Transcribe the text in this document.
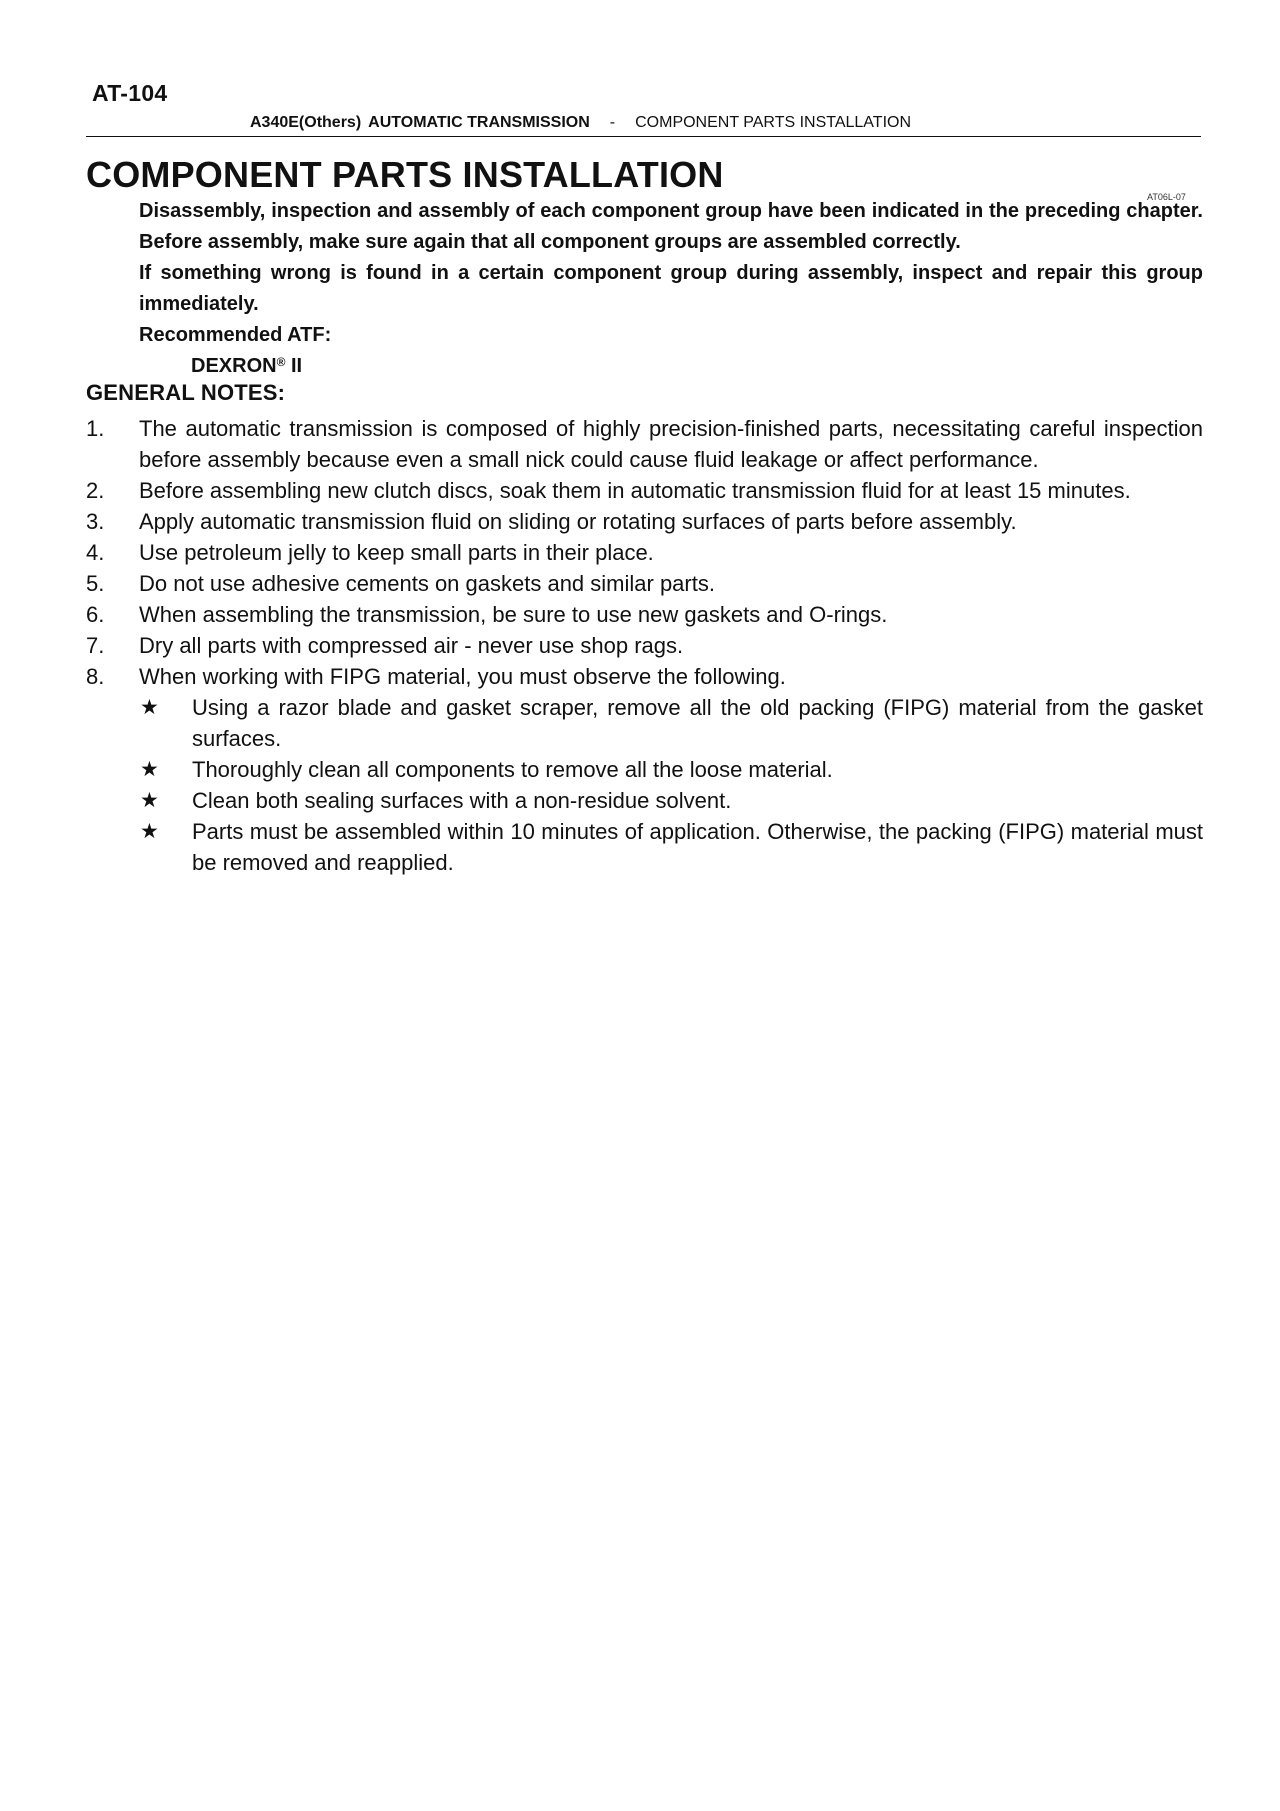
AT-104
A340E(Others) AUTOMATIC TRANSMISSION - COMPONENT PARTS INSTALLATION
COMPONENT PARTS INSTALLATION
AT06L-07

Disassembly, inspection and assembly of each component group have been indicated in the preceding chapter. Before assembly, make sure again that all component groups are assembled correctly.

If something wrong is found in a certain component group during assembly, inspect and repair this group immediately.

Recommended ATF:

DEXRON® II

GENERAL NOTES:
1.	The automatic transmission is composed of highly precision-finished parts, necessitating careful inspection before assembly because even a small nick could cause fluid leakage or affect performance.
2.	Before assembling new clutch discs, soak them in automatic transmission fluid for at least 15 minutes.
3.	Apply automatic transmission fluid on sliding or rotating surfaces of parts before assembly.
4.	Use petroleum jelly to keep small parts in their place.
5.	Do not use adhesive cements on gaskets and similar parts.
6.	When assembling the transmission, be sure to use new gaskets and O-rings.
7.	Dry all parts with compressed air - never use shop rags.
8.	When working with FIPG material, you must observe the following.
★	Using a razor blade and gasket scraper, remove all the old packing (FIPG) material from the gasket surfaces.
★	Thoroughly clean all components to remove all the loose material.
★	Clean both sealing surfaces with a non-residue solvent.
★	Parts must be assembled within 10 minutes of application. Otherwise, the packing (FIPG) material must be removed and reapplied.
